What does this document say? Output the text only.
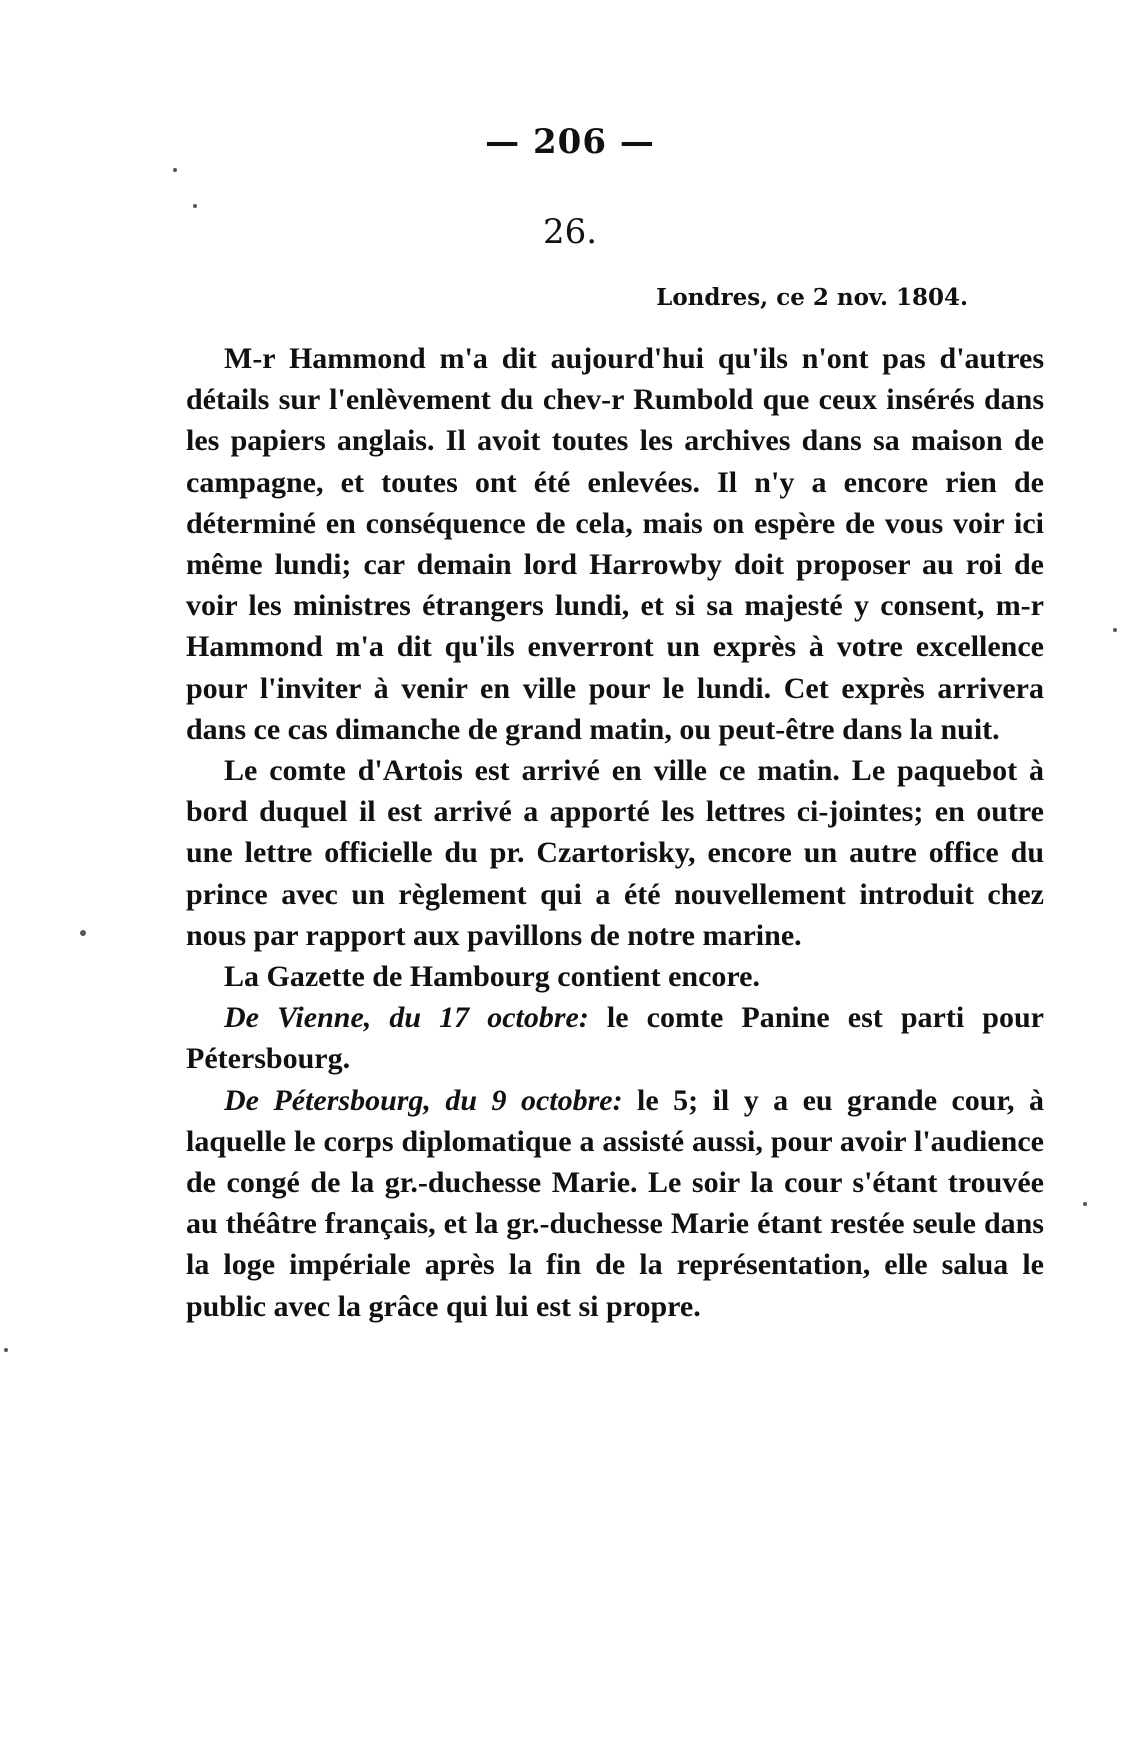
— 206 —
26.
Londres, ce 2 nov. 1804.

M-r Hammond m'a dit aujourd'hui qu'ils n'ont pas d'autres détails sur l'enlèvement du chev-r Rumbold que ceux insérés dans les papiers anglais. Il avoit toutes les archives dans sa maison de campagne, et toutes ont été enlevées. Il n'y a encore rien de déterminé en conséquence de cela, mais on espère de vous voir ici même lundi; car demain lord Harrowby doit proposer au roi de voir les ministres étrangers lundi, et si sa majesté y consent, m-r Hammond m'a dit qu'ils enverront un exprès à votre excellence pour l'inviter à venir en ville pour le lundi. Cet exprès arrivera dans ce cas dimanche de grand matin, ou peut-être dans la nuit.

Le comte d'Artois est arrivé en ville ce matin. Le paquebot à bord duquel il est arrivé a apporté les lettres ci-jointes; en outre une lettre officielle du pr. Czartorisky, encore un autre office du prince avec un règlement qui a été nouvellement introduit chez nous par rapport aux pavillons de notre marine.

La Gazette de Hambourg contient encore.

De Vienne, du 17 octobre: le comte Panine est parti pour Pétersbourg.

De Pétersbourg, du 9 octobre: le 5; il y a eu grande cour, à laquelle le corps diplomatique a assisté aussi, pour avoir l'audience de congé de la gr.-duchesse Marie. Le soir la cour s'étant trouvée au théâtre français, et la gr.-duchesse Marie étant restée seule dans la loge impériale après la fin de la représentation, elle salua le public avec la grâce qui lui est si propre.
